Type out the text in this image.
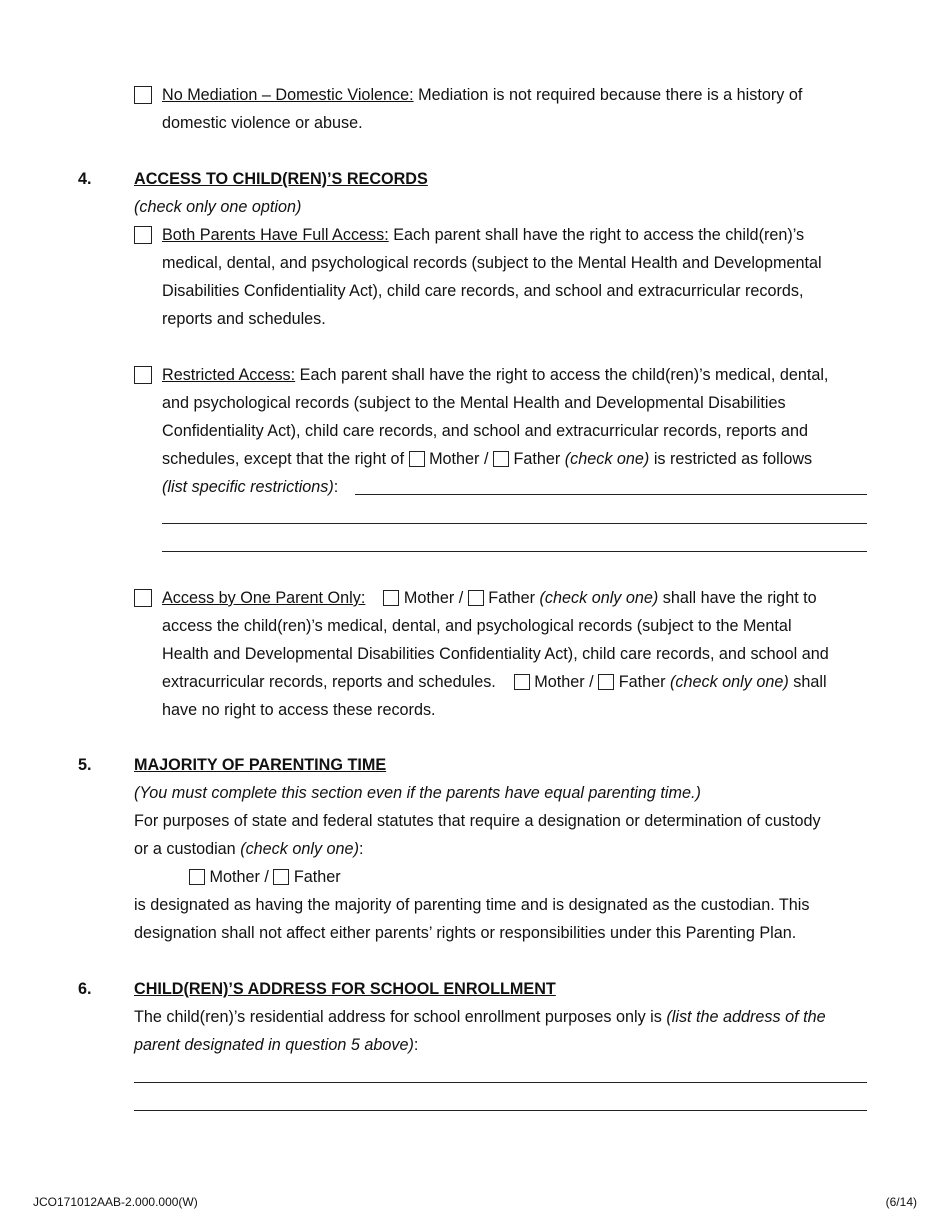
No Mediation – Domestic Violence: Mediation is not required because there is a history of
domestic violence or abuse.
4.	ACCESS TO CHILD(REN)’S RECORDS
(check only one option)
Both Parents Have Full Access: Each parent shall have the right to access the child(ren)’s
medical, dental, and psychological records (subject to the Mental Health and Developmental
Disabilities Confidentiality Act), child care records, and school and extracurricular records,
reports and schedules.
Restricted Access: Each parent shall have the right to access the child(ren)’s medical, dental,
and psychological records (subject to the Mental Health and Developmental Disabilities
Confidentiality Act), child care records, and school and extracurricular records, reports and
schedules, except that the right of  Mother / Father (check one) is restricted as follows
(list specific restrictions):
Access by One Parent Only: Mother / Father (check only one) shall have the right to
access the child(ren)’s medical, dental, and psychological records (subject to the Mental
Health and Developmental Disabilities Confidentiality Act), child care records, and school and
extracurricular records, reports and schedules. Mother / Father (check only one) shall
have no right to access these records.
5.	MAJORITY OF PARENTING TIME
(You must complete this section even if the parents have equal parenting time.)
For purposes of state and federal statutes that require a designation or determination of custody
or a custodian (check only one):
Mother / Father
is designated as having the majority of parenting time and is designated as the custodian. This
designation shall not affect either parents’ rights or responsibilities under this Parenting Plan.
6.	CHILD(REN)’S ADDRESS FOR SCHOOL ENROLLMENT
The child(ren)’s residential address for school enrollment purposes only is (list the address of the
parent designated in question 5 above):
JCO171012AAB-2.000.000(W)	(6/14)
